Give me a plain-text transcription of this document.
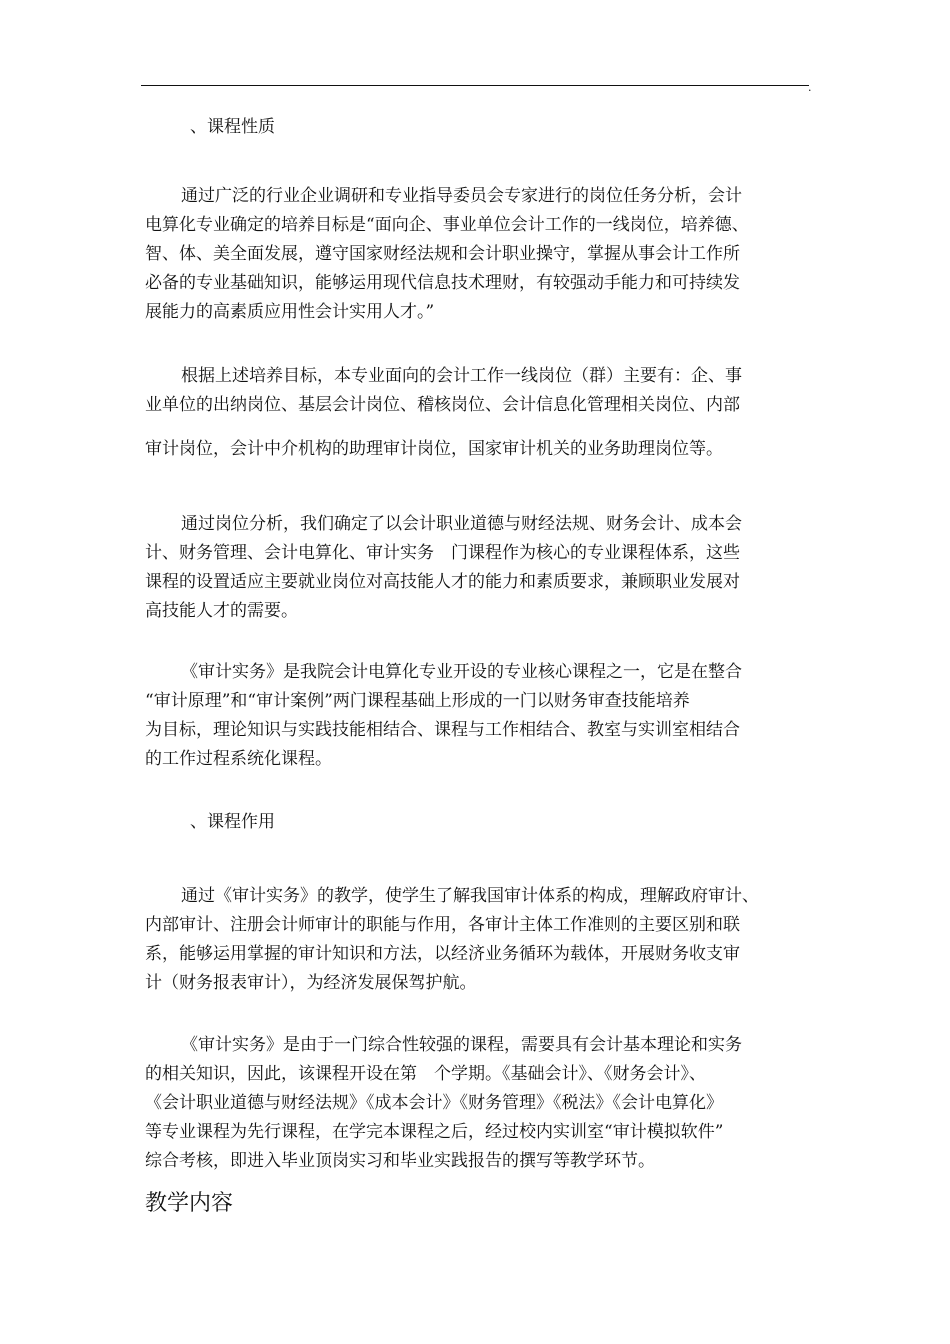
.
、课程性质
通过广泛的行业企业调研和专业指导委员会专家进行的岗位任务分析，会计
电算化专业确定的培养目标是“面向企、事业单位会计工作的一线岗位，培养德、
智、体、美全面发展，遵守国家财经法规和会计职业操守，掌握从事会计工作所
必备的专业基础知识，能够运用现代信息技术理财，有较强动手能力和可持续发
展能力的高素质应用性会计实用人才。”
根据上述培养目标，本专业面向的会计工作一线岗位（群）主要有：企、事
业单位的出纳岗位、基层会计岗位、稽核岗位、会计信息化管理相关岗位、内部
审计岗位，会计中介机构的助理审计岗位，国家审计机关的业务助理岗位等。
通过岗位分析，我们确定了以会计职业道德与财经法规、财务会计、成本会
计、财务管理、会计电算化、审计实务　门课程作为核心的专业课程体系，这些
课程的设置适应主要就业岗位对高技能人才的能力和素质要求，兼顾职业发展对
高技能人才的需要。
《审计实务》是我院会计电算化专业开设的专业核心课程之一，它是在整合
“审计原理”和“审计案例”两门课程基础上形成的一门以财务审查技能培养
为目标，理论知识与实践技能相结合、课程与工作相结合、教室与实训室相结合
的工作过程系统化课程。
、课程作用
通过《审计实务》的教学，使学生了解我国审计体系的构成，理解政府审计、
内部审计、注册会计师审计的职能与作用，各审计主体工作准则的主要区别和联
系，能够运用掌握的审计知识和方法，以经济业务循环为载体，开展财务收支审
计（财务报表审计），为经济发展保驾护航。
《审计实务》是由于一门综合性较强的课程，需要具有会计基本理论和实务
的相关知识，因此，该课程开设在第　个学期。《基础会计》、《财务会计》、
《会计职业道德与财经法规》《成本会计》《财务管理》《税法》《会计电算化》
等专业课程为先行课程，在学完本课程之后，经过校内实训室“审计模拟软件”
综合考核，即进入毕业顶岗实习和毕业实践报告的撰写等教学环节。
教学内容
